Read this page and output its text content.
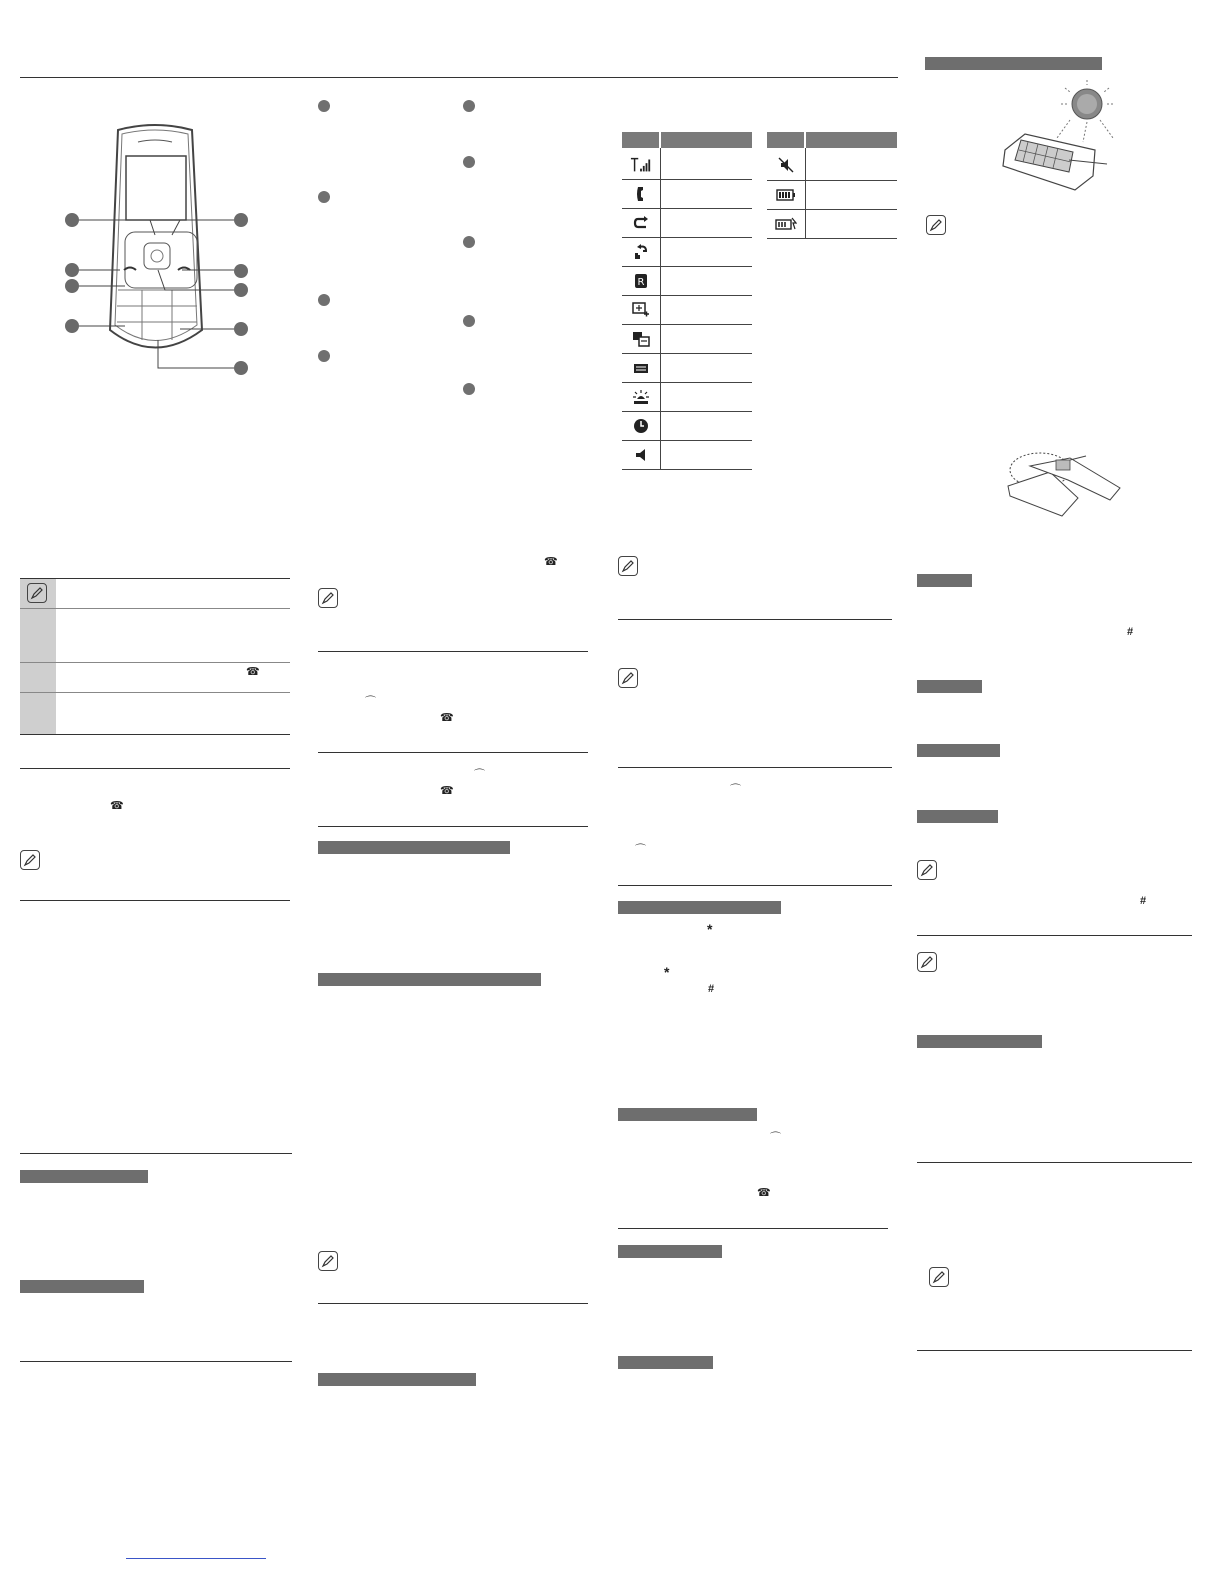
☎
☎
☎
⌒
☎
⌒
☎
R
⌒
⌒
*
*
#
⌒
☎
#
#
